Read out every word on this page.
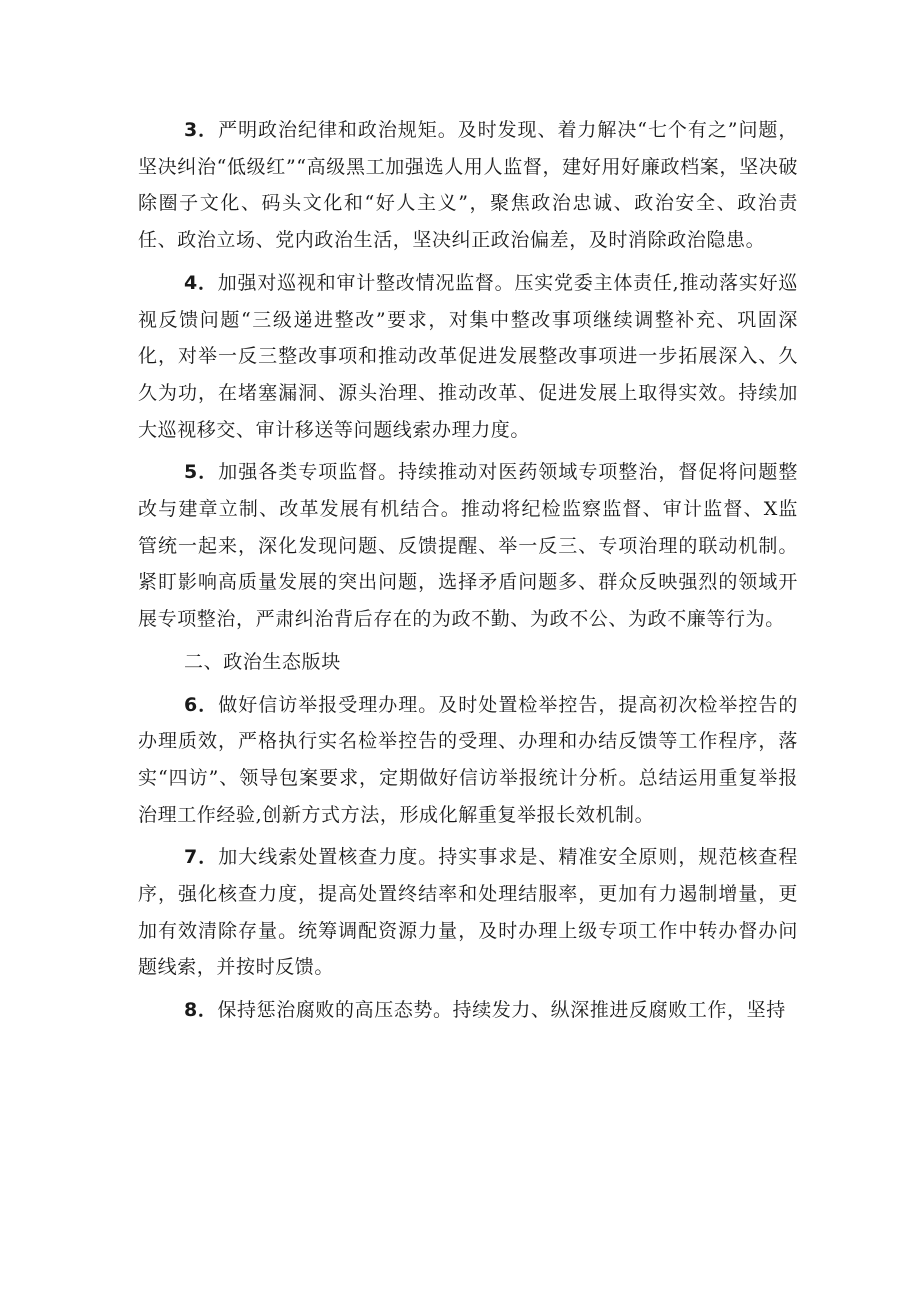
3．严明政治纪律和政治规矩。及时发现、着力解决“七个有之”问题，坚决纠治“低级红”“高级黑工加强选人用人监督，建好用好廉政档案，坚决破除圈子文化、码头文化和“好人主义”，聚焦政治忠诚、政治安全、政治责任、政治立场、党内政治生活，坚决纠正政治偏差，及时消除政治隐患。

4．加强对巡视和审计整改情况监督。压实党委主体责任,推动落实好巡视反馈问题“三级递进整改”要求，对集中整改事项继续调整补充、巩固深化，对举一反三整改事项和推动改革促进发展整改事项进一步拓展深入、久久为功，在堵塞漏洞、源头治理、推动改革、促进发展上取得实效。持续加大巡视移交、审计移送等问题线索办理力度。

5．加强各类专项监督。持续推动对医药领域专项整治，督促将问题整改与建章立制、改革发展有机结合。推动将纪检监察监督、审计监督、X监管统一起来，深化发现问题、反馈提醒、举一反三、专项治理的联动机制。紧盯影响高质量发展的突出问题，选择矛盾问题多、群众反映强烈的领域开展专项整治，严肃纠治背后存在的为政不勤、为政不公、为政不廉等行为。

二、政治生态版块

6．做好信访举报受理办理。及时处置检举控告，提高初次检举控告的办理质效，严格执行实名检举控告的受理、办理和办结反馈等工作程序，落实“四访”、领导包案要求，定期做好信访举报统计分析。总结运用重复举报治理工作经验,创新方式方法，形成化解重复举报长效机制。

7．加大线索处置核查力度。持实事求是、精准安全原则，规范核查程序，强化核查力度，提高处置终结率和处理结服率，更加有力遏制增量，更加有效清除存量。统筹调配资源力量，及时办理上级专项工作中转办督办问题线索，并按时反馈。

8．保持惩治腐败的高压态势。持续发力、纵深推进反腐败工作，坚持
